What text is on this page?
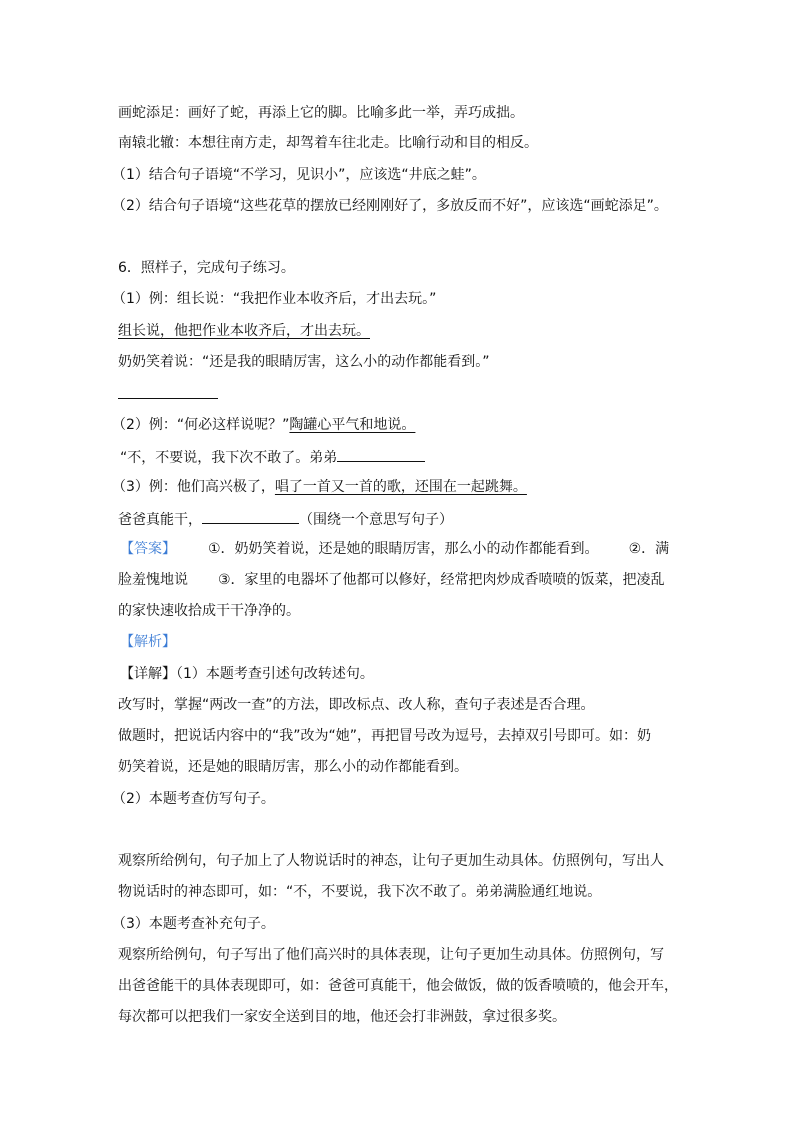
画蛇添足：画好了蛇，再添上它的脚。比喻多此一举，弄巧成拙。
南辕北辙：本想往南方走，却驾着车往北走。比喻行动和目的相反。
（1）结合句子语境“不学习，见识小”，应该选“井底之蛙”。
（2）结合句子语境“这些花草的摆放已经刚刚好了，多放反而不好”，应该选“画蛇添足”。
6．照样子，完成句子练习。
（1）例：组长说：“我把作业本收齐后，才出去玩。”
组长说，他把作业本收齐后，才出去玩。
奶奶笑着说：“还是我的眼睛厉害，这么小的动作都能看到。”
（2）例：“何必这样说呢？”陶罐心平气和地说。
“不，不要说，我下次不敢了。弟弟
（3）例：他们高兴极了，唱了一首又一首的歌，还围在一起跳舞。
爸爸真能干，	（围绕一个意思写句子）
【答案】 ①．奶奶笑着说，还是她的眼睛厉害，那么小的动作都能看到。 ②．满
脸羞愧地说 ③．家里的电器坏了他都可以修好，经常把肉炒成香喷喷的饭菜，把凌乱
的家快速收拾成干干净净的。
【解析】
【详解】（1）本题考查引述句改转述句。
改写时，掌握“两改一查”的方法，即改标点、改人称，查句子表述是否合理。
做题时，把说话内容中的“我”改为“她”，再把冒号改为逗号，去掉双引号即可。如：奶
奶笑着说，还是她的眼睛厉害，那么小的动作都能看到。
（2）本题考查仿写句子。
观察所给例句，句子加上了人物说话时的神态，让句子更加生动具体。仿照例句，写出人
物说话时的神态即可，如：“不，不要说，我下次不敢了。弟弟满脸通红地说。
（3）本题考查补充句子。
观察所给例句，句子写出了他们高兴时的具体表现，让句子更加生动具体。仿照例句，写
出爸爸能干的具体表现即可，如：爸爸可真能干，他会做饭，做的饭香喷喷的，他会开车，
每次都可以把我们一家安全送到目的地，他还会打非洲鼓，拿过很多奖。
